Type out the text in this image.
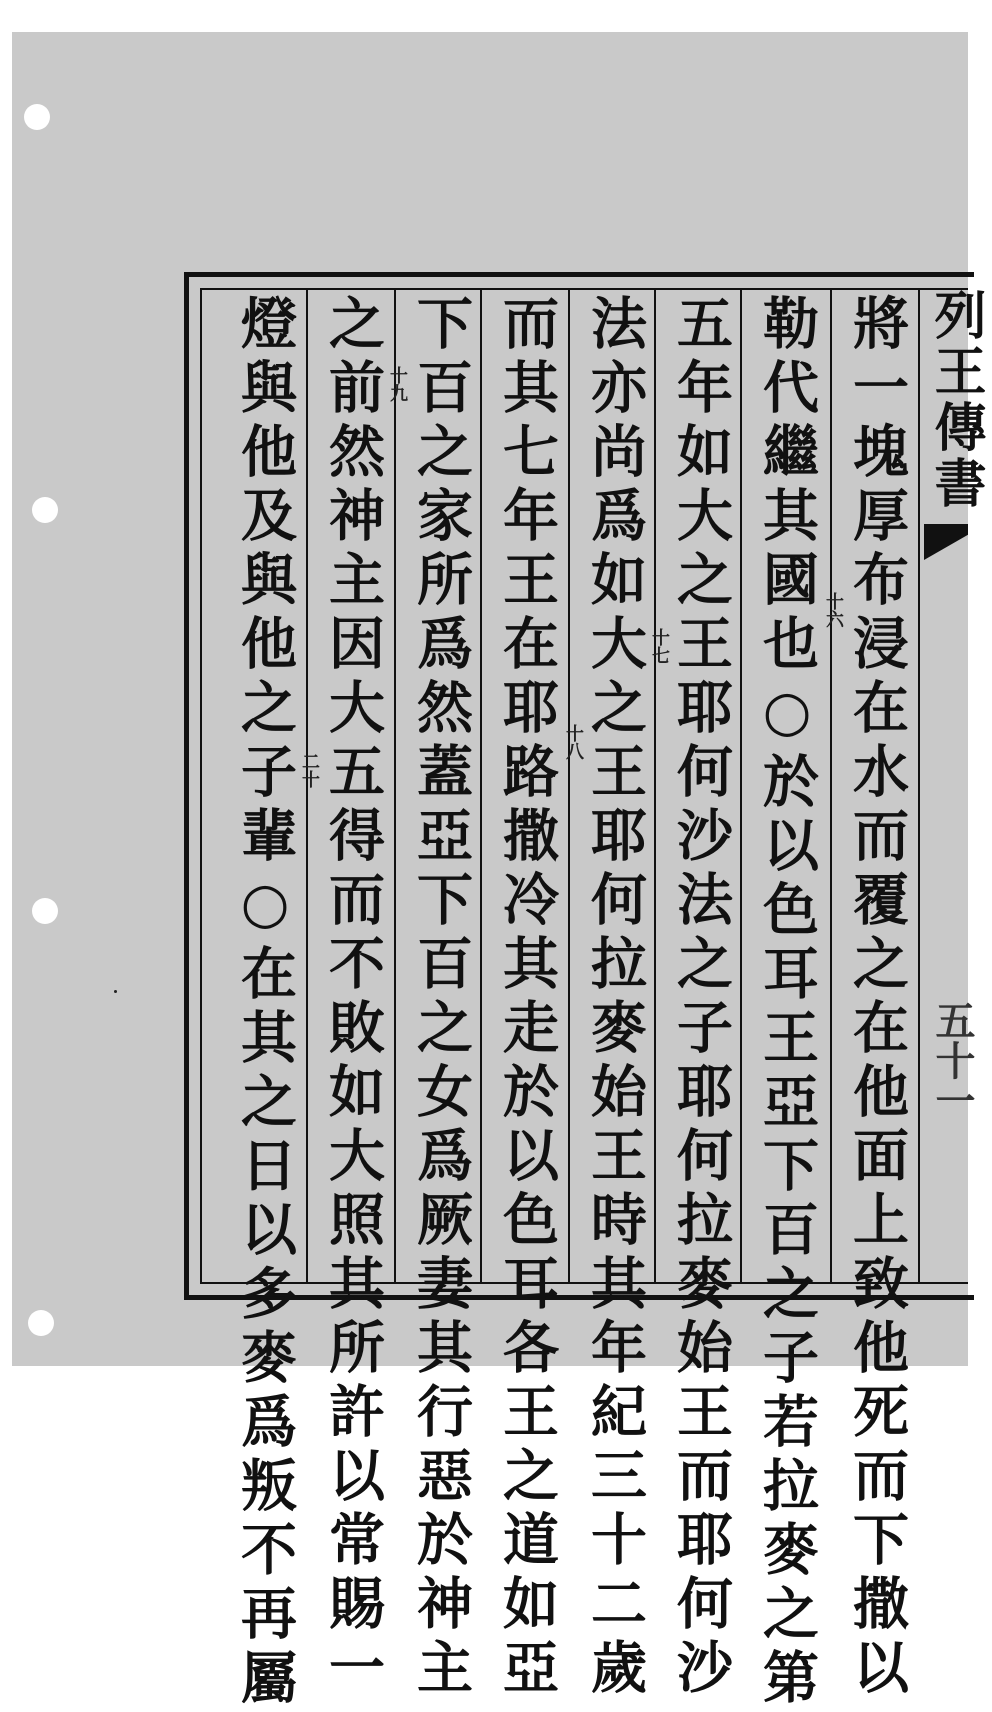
列王傳書
五十一
將一塊厚布浸在水而覆之在他面上致他死而下撒以
勒代繼其國也○於以色耳王亞下百之子若拉麥之第
五年如大之王耶何沙法之子耶何拉麥始王而耶何沙
法亦尚爲如大之王耶何拉麥始王時其年紀三十二歲
而其七年王在耶路撒冷其走於以色耳各王之道如亞
下百之家所爲然蓋亞下百之女爲厥妻其行惡於神主
之前然神主因大五得而不敗如大照其所許以常賜一
燈與他及與他之子輩○在其之日以多麥爲叛不再屬	十六
十七
十八
十九
二十
